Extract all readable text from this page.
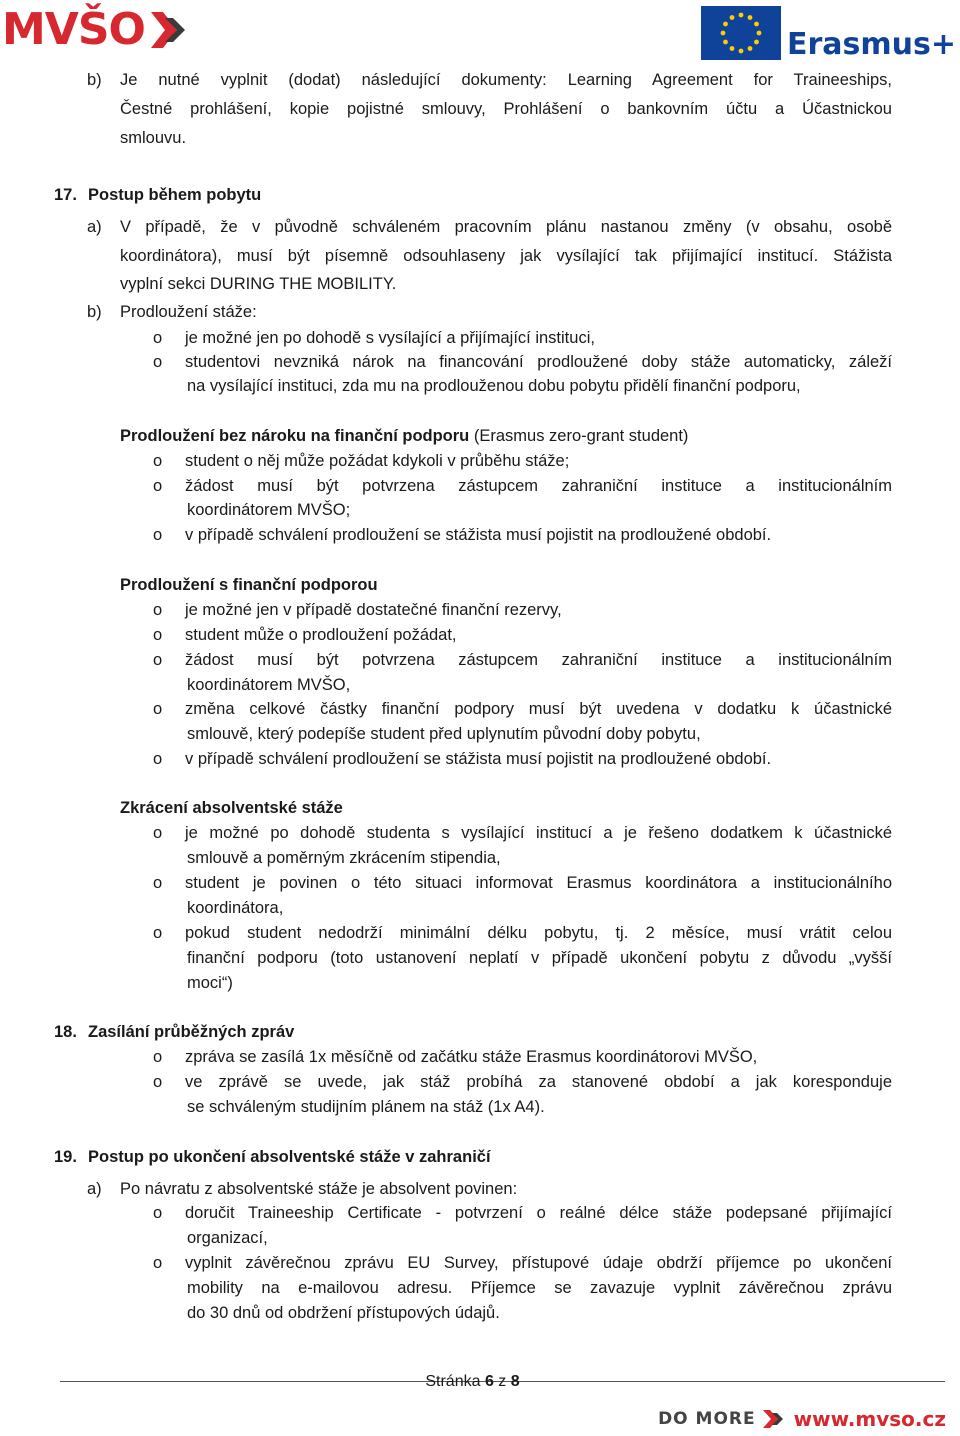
MVŠO	Erasmus+
b) Je nutné vyplnit (dodat) následující dokumenty: Learning Agreement for Traineeships,
Čestné prohlášení, kopie pojistné smlouvy, Prohlášení o bankovním účtu a Účastnickou
smlouvu.
17. Postup během pobytu
a) V případě, že v původně schváleném pracovním plánu nastanou změny (v obsahu, osobě
koordinátora), musí být písemně odsouhlaseny jak vysílající tak přijímající institucí. Stážista
vyplní sekci DURING THE MOBILITY.
b) Prodloužení stáže:
o je možné jen po dohodě s vysílající a přijímající instituci,
o studentovi nevzniká nárok na financování prodloužené doby stáže automaticky, záleží
na vysílající instituci, zda mu na prodlouženou dobu pobytu přidělí finanční podporu,
Prodloužení bez nároku na finanční podporu (Erasmus zero-grant student)
o student o něj může požádat kdykoli v průběhu stáže;
o žádost musí být potvrzena zástupcem zahraniční instituce a institucionálním
koordinátorem MVŠO;
o v případě schválení prodloužení se stážista musí pojistit na prodloužené období.
Prodloužení s finanční podporou
o je možné jen v případě dostatečné finanční rezervy,
o student může o prodloužení požádat,
o žádost musí být potvrzena zástupcem zahraniční instituce a institucionálním
koordinátorem MVŠO,
o změna celkové částky finanční podpory musí být uvedena v dodatku k účastnické
smlouvě, který podepíše student před uplynutím původní doby pobytu,
o v případě schválení prodloužení se stážista musí pojistit na prodloužené období.
Zkrácení absolventské stáže
o je možné po dohodě studenta s vysílající institucí a je řešeno dodatkem k účastnické
smlouvě a poměrným zkrácením stipendia,
o student je povinen o této situaci informovat Erasmus koordinátora a institucionálního
koordinátora,
o pokud student nedodrží minimální délku pobytu, tj. 2 měsíce, musí vrátit celou
finanční podporu (toto ustanovení neplatí v případě ukončení pobytu z důvodu „vyšší
moci“)
18. Zasílání průběžných zpráv
o zpráva se zasílá 1x měsíčně od začátku stáže Erasmus koordinátorovi MVŠO,
o ve zprávě se uvede, jak stáž probíhá za stanovené období a jak koresponduje
se schváleným studijním plánem na stáž (1x A4).
19. Postup po ukončení absolventské stáže v zahraničí
a) Po návratu z absolventské stáže je absolvent povinen:
o doručit Traineeship Certificate - potvrzení o reálné délce stáže podepsané přijímající
organizací,
o vyplnit závěrečnou zprávu EU Survey, přístupové údaje obdrží příjemce po ukončení
mobility na e-mailovou adresu. Příjemce se zavazuje vyplnit závěrečnou zprávu
do 30 dnů od obdržení přístupových údajů.
Stránka 6 z 8
DO MORE www.mvso.cz
